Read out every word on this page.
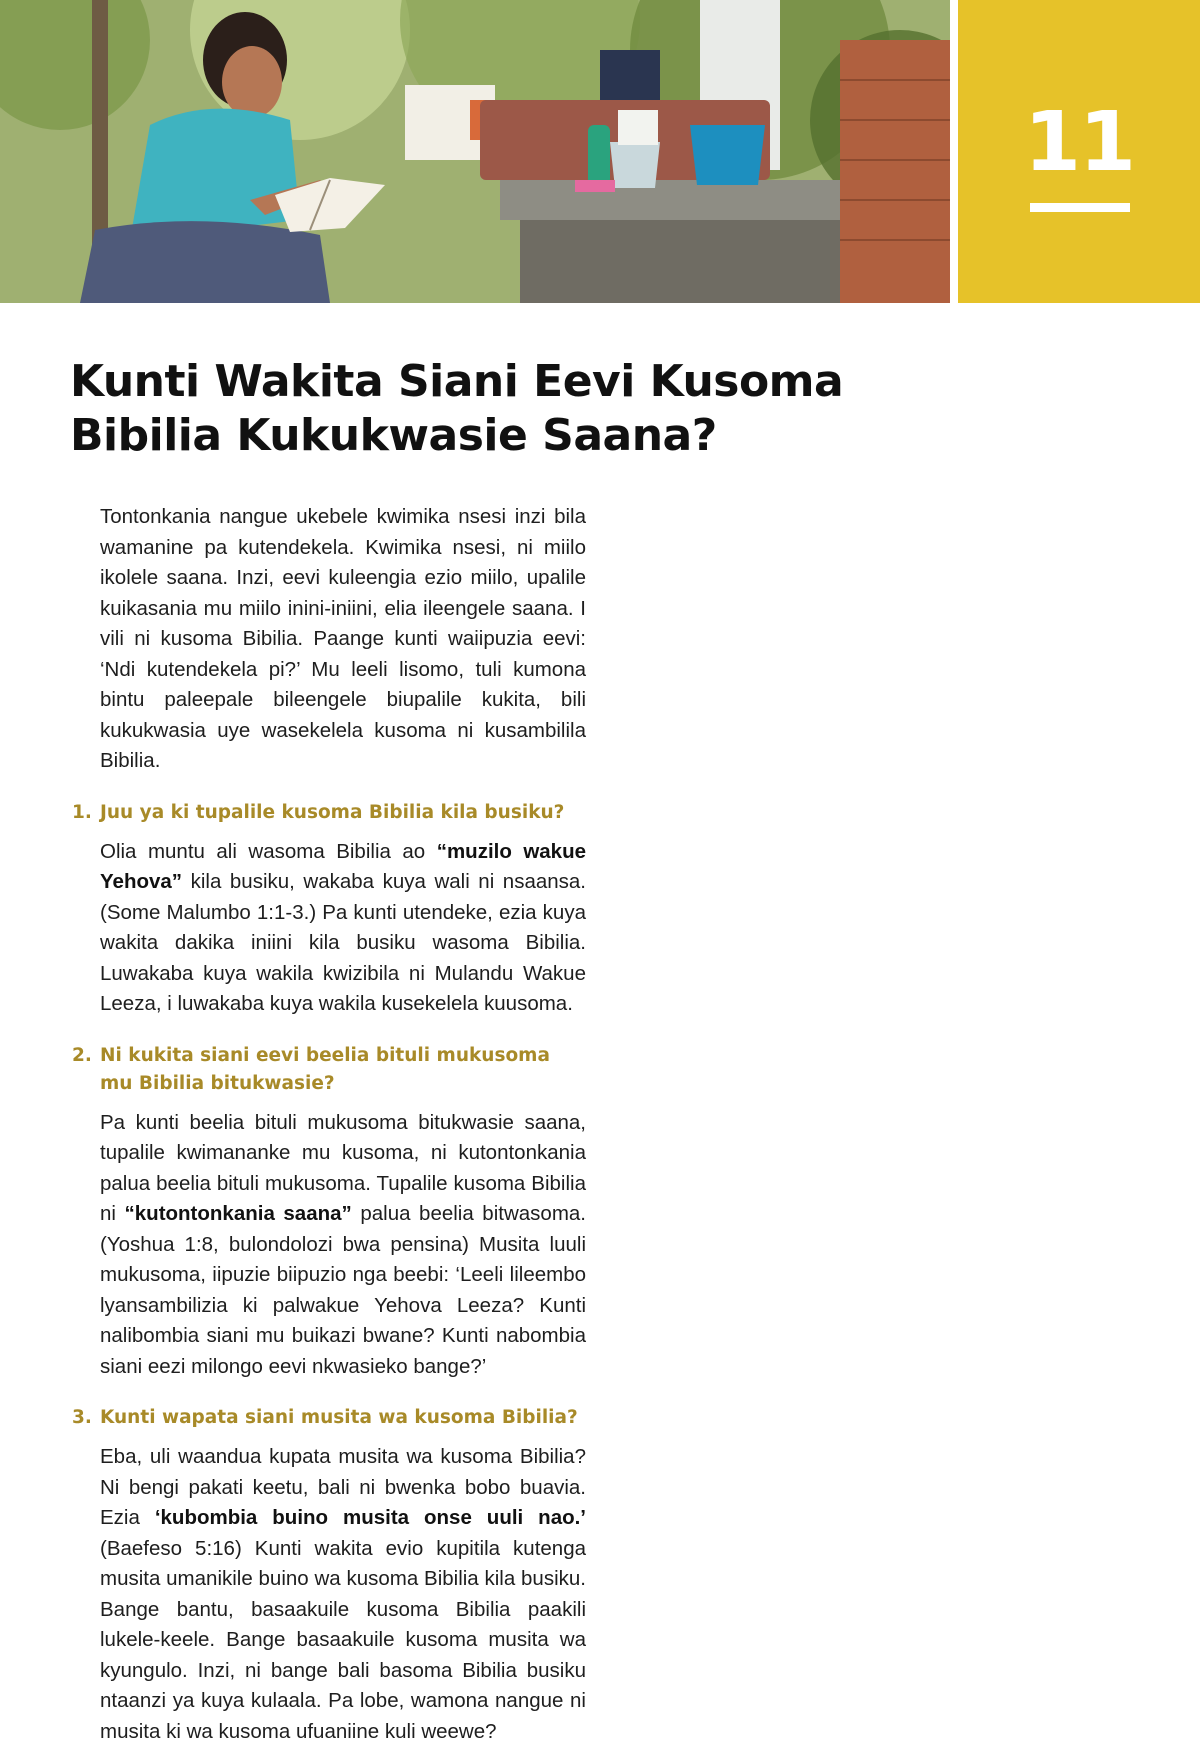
11
Kunti Wakita Siani Eevi Kusoma
Bibilia Kukukwasie Saana?

Tontonkania nangue ukebele kwimika nsesi inzi bila wamanine pa kutendekela. Kwimika nsesi, ni miilo ikolele saana. Inzi, eevi kuleengia ezio miilo, upalile kuikasania mu miilo inini-iniini, elia ileengele saana. I vili ni kusoma Bibilia. Paange kunti waiipuzia eevi: ‘Ndi kutendekela pi?’ Mu leeli lisomo, tuli kumona bintu paleepale bileengele biupalile kukita, bili kukukwasia uye wasekelela kusoma ni kusambilila Bibilia.

1. Juu ya ki tupalile kusoma Bibilia kila busiku?

Olia muntu ali wasoma Bibilia ao “muzilo wakue Yehova” kila busiku, wakaba kuya wali ni nsaansa. (Some Malumbo 1:1-3.) Pa kunti utendeke, ezia kuya wakita dakika iniini kila busiku wasoma Bibilia. Luwakaba kuya wakila kwizibila ni Mulandu Wakue Leeza, i luwakaba kuya wakila kusekelela kuusoma.

2. Ni kukita siani eevi beelia bituli mukusoma mu Bibilia bitukwasie?

Pa kunti beelia bituli mukusoma bitukwasie saana, tupalile kwimananke mu kusoma, ni kutontonkania palua beelia bituli mukusoma. Tupalile kusoma Bibilia ni “kutontonkania saana” palua beelia bitwasoma. (Yoshua 1:8, bulondolozi bwa pensina) Musita luuli mukusoma, iipuzie biipuzio nga beebi: ‘Leeli lileembo lyansambilizia ki palwakue Yehova Leeza? Kunti nalibombia siani mu buikazi bwane? Kunti nabombia siani eezi milongo eevi nkwasieko bange?’

3. Kunti wapata siani musita wa kusoma Bibilia?

Eba, uli waandua kupata musita wa kusoma Bibilia? Ni bengi pakati keetu, bali ni bwenka bobo buavia. Ezia ‘kubombia buino musita onse uuli nao.’ (Baefeso 5:16) Kunti wakita evio kupitila kutenga musita umanikile buino wa kusoma Bibilia kila busiku. Bange bantu, basaakuile kusoma Bibilia paakili lukele-keele. Bange basaakuile kusoma musita wa kyungulo. Inzi, ni bange bali basoma Bibilia busiku ntaanzi ya kuya kulaala. Pa lobe, wamona nangue ni musita ki wa kusoma ufuaniine kuli weewe?
